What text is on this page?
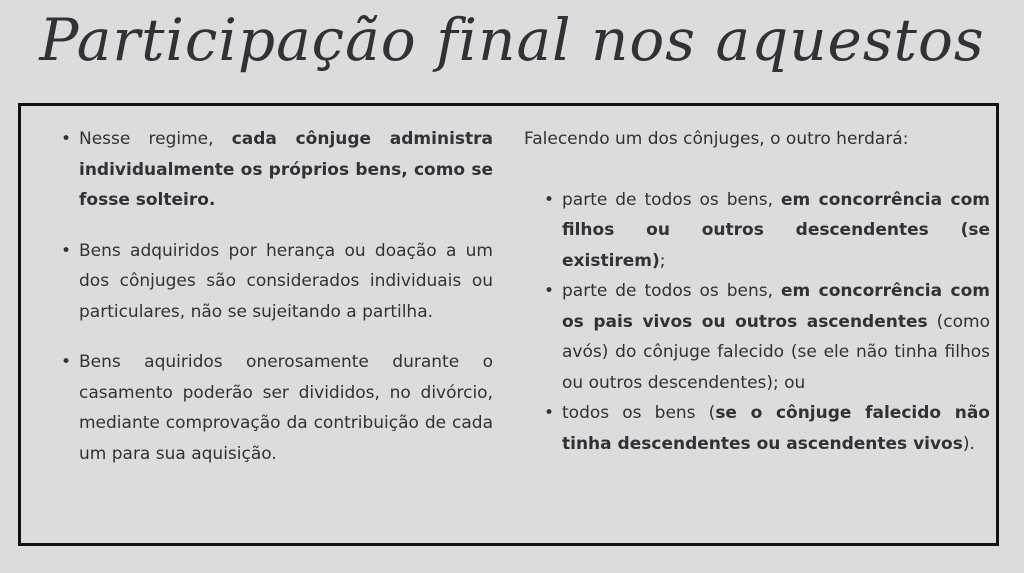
Participação final nos aquestos
• Nesse regime, cada cônjuge administra individualmente os próprios bens, como se fosse solteiro.
• Bens adquiridos por herança ou doação a um dos cônjuges são considerados individuais ou particulares, não se sujeitando a partilha.
• Bens aquiridos onerosamente durante o casamento poderão ser divididos, no divórcio, mediante comprovação da contribuição de cada um para sua aquisição.
Falecendo um dos cônjuges, o outro herdará:
• parte de todos os bens, em concorrência com filhos ou outros descendentes (se existirem);
• parte de todos os bens, em concorrência com os pais vivos ou outros ascendentes (como avós) do cônjuge falecido (se ele não tinha filhos ou outros descendentes); ou
• todos os bens (se o cônjuge falecido não tinha descendentes ou ascendentes vivos).
